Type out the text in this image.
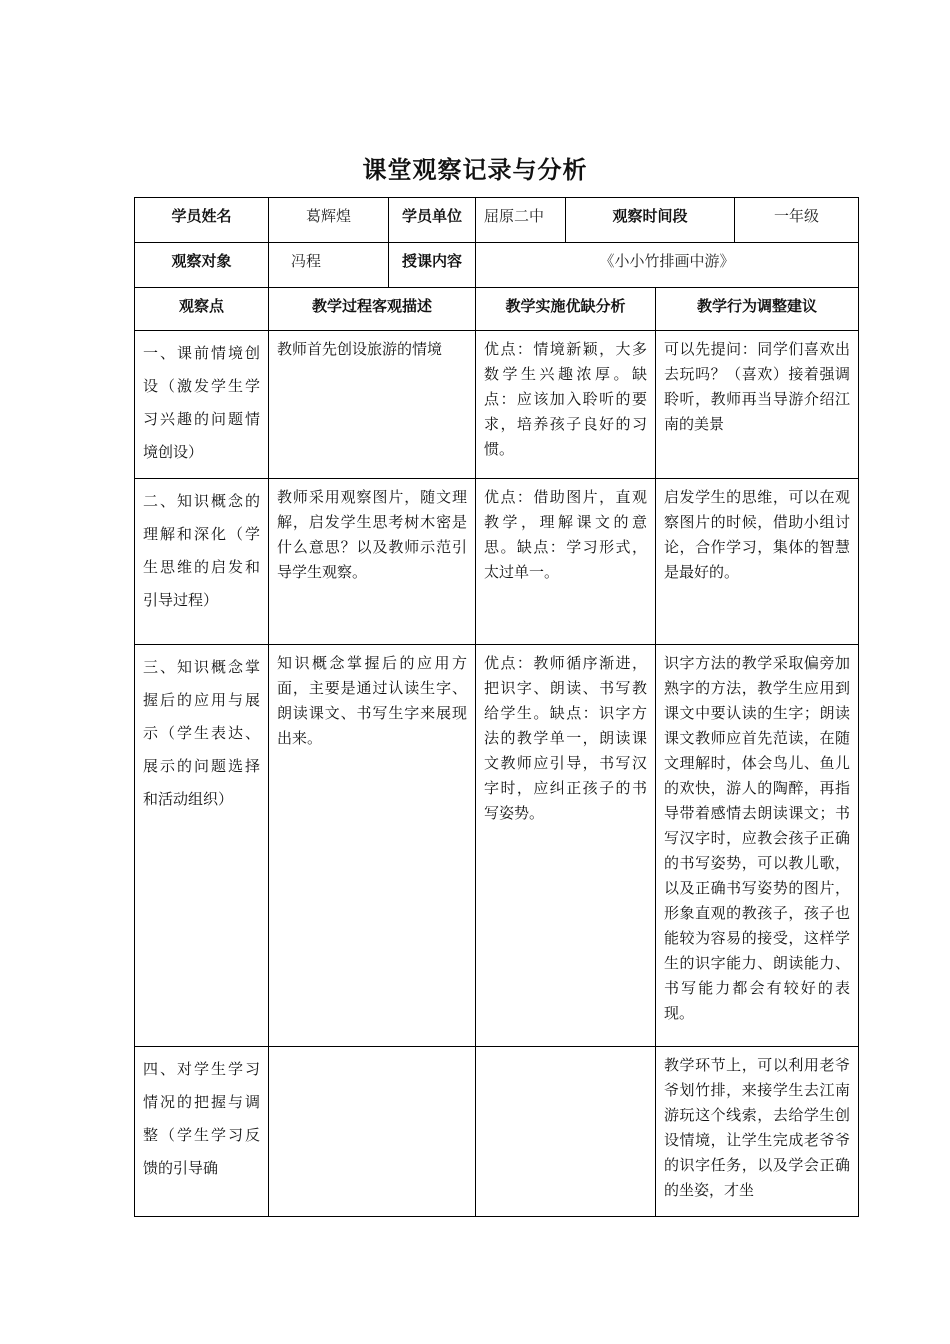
课堂观察记录与分析
学员姓名	葛辉煌	学员单位	屈原二中	观察时间段		一年级
观察对象	冯程	授课内容	《小小竹排画中游》			
观察点	教学过程客观描述		教学实施优缺分析		教学行为调整建议	
一、课前情境创设（激发学生学习兴趣的问题情境创设）	教师首先创设旅游的情境		优点：情境新颖，大多数学生兴趣浓厚。缺点：应该加入聆听的要求，培养孩子良好的习惯。		可以先提问：同学们喜欢出去玩吗？（喜欢）接着强调聆听，教师再当导游介绍江南的美景	
二、知识概念的理解和深化（学生思维的启发和引导过程）	教师采用观察图片，随文理解，启发学生思考树木密是什么意思？以及教师示范引导学生观察。		优点：借助图片，直观教学，理解课文的意思。缺点：学习形式，太过单一。		启发学生的思维，可以在观察图片的时候，借助小组讨论，合作学习，集体的智慧是最好的。	
三、知识概念掌握后的应用与展示（学生表达、展示的问题选择和活动组织）	知识概念掌握后的应用方面，主要是通过认读生字、朗读课文、书写生字来展现出来。		优点：教师循序渐进，把识字、朗读、书写教给学生。缺点：识字方法的教学单一，朗读课文教师应引导，书写汉字时，应纠正孩子的书写姿势。		识字方法的教学采取偏旁加熟字的方法，教学生应用到课文中要认读的生字；朗读课文教师应首先范读，在随文理解时，体会鸟儿、鱼儿的欢快，游人的陶醉，再指导带着感情去朗读课文；书写汉字时，应教会孩子正确的书写姿势，可以教儿歌，以及正确书写姿势的图片，形象直观的教孩子，孩子也能较为容易的接受，这样学生的识字能力、朗读能力、书写能力都会有较好的表现。	
四、对学生学习情况的把握与调整（学生学习反馈的引导确					教学环节上，可以利用老爷爷划竹排，来接学生去江南游玩这个线索，去给学生创设情境，让学生完成老爷爷的识字任务，以及学会正确的坐姿，才坐	
